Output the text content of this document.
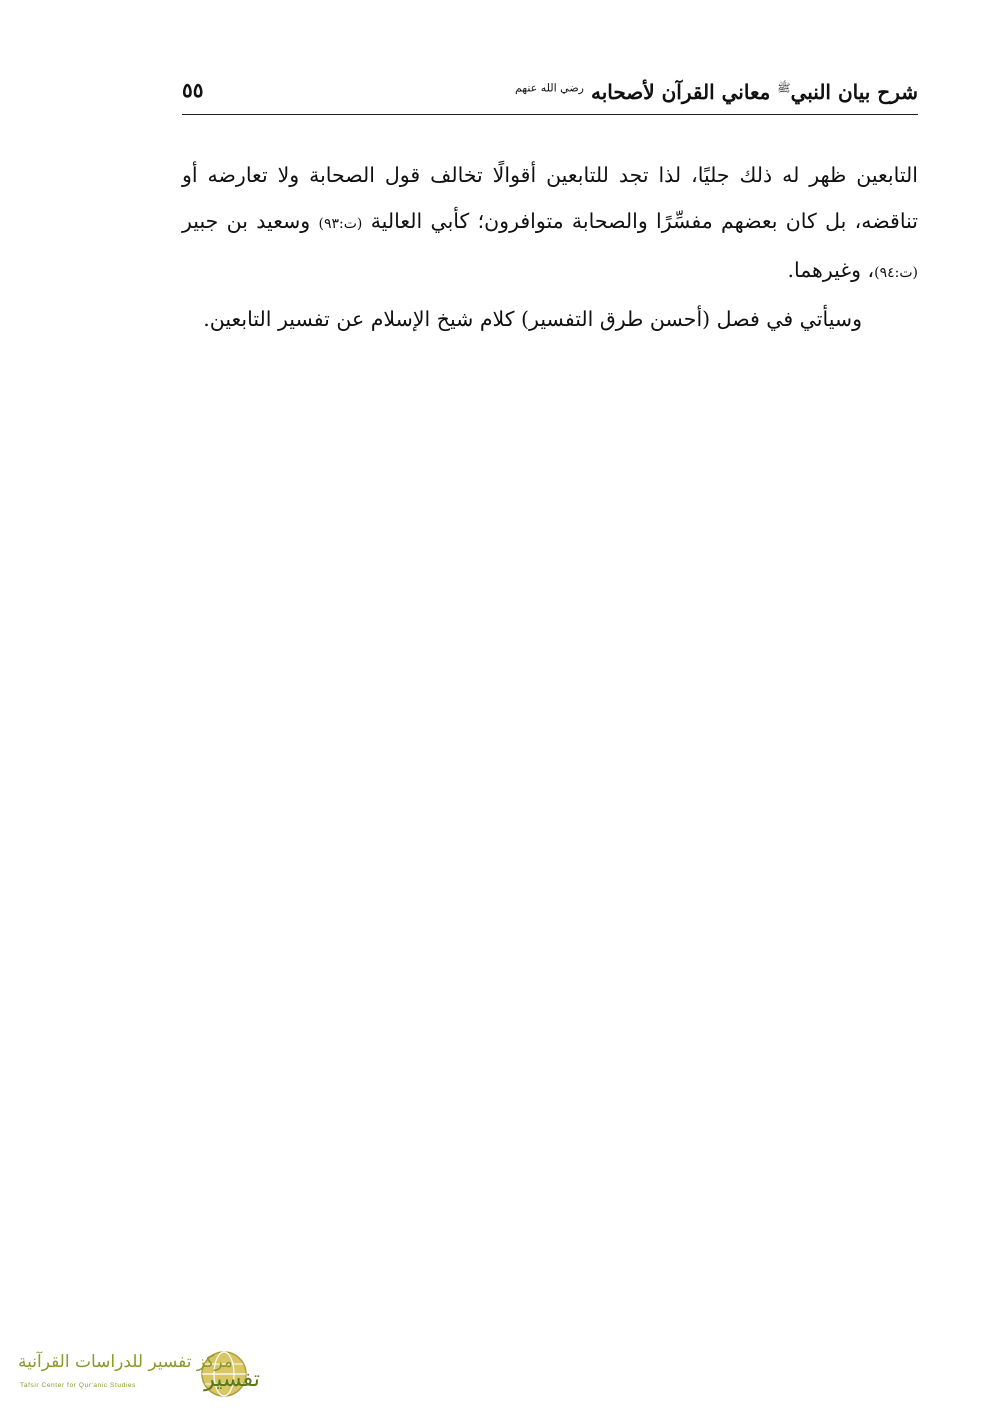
شرح بيان النبي$^ﷺ$ معاني القرآن لأصحابه $^{رضي الله عنهم}$
٥٥

التابعين ظهر له ذلك جليًا، لذا تجد للتابعين أقوالًا تخالف قول الصحابة ولا تعارضه أو تناقضه، بل كان بعضهم مفسِّرًا والصحابة متوافرون؛ كأبي العالية (ت:٩٣) وسعيد بن جبير (ت:٩٤)، وغيرهما.

وسيأتي في فصل (أحسن طرق التفسير) كلام شيخ الإسلام عن تفسير التابعين.

مركز تفسير للدراسات القرآنية
Tafsir Center for Qur'anic Studies	تفسير
